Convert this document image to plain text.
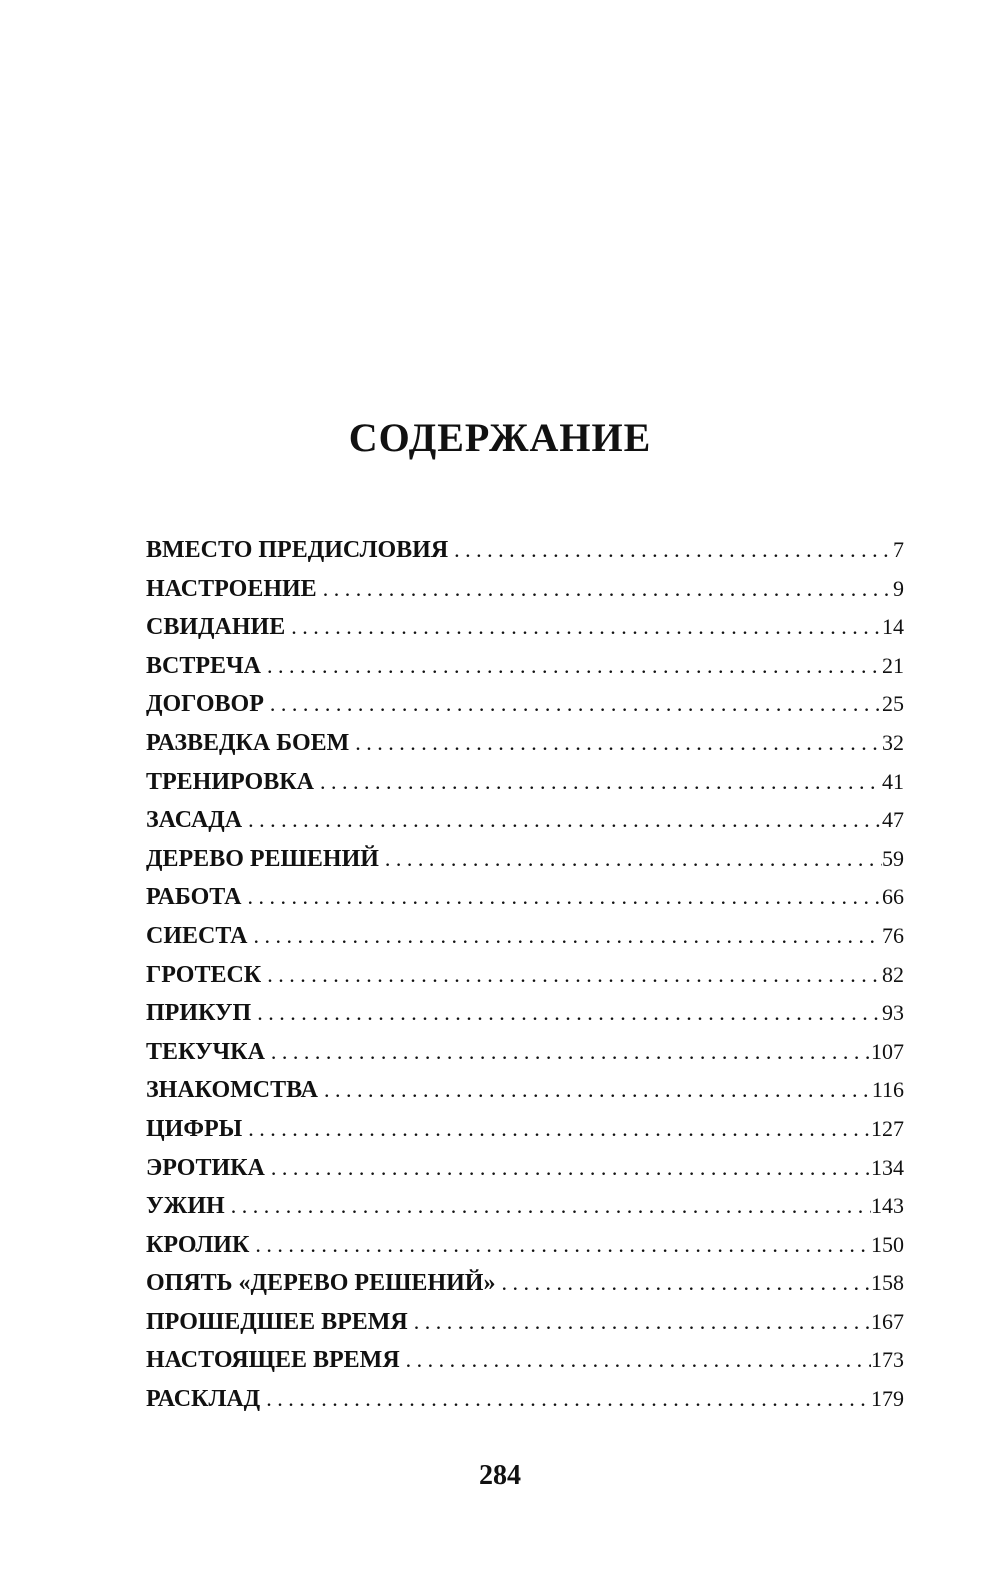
СОДЕРЖАНИЕ
ВМЕСТО ПРЕДИСЛОВИЯ . . .	7
НАСТРОЕНИЕ . . .	9
СВИДАНИЕ . . .	14
ВСТРЕЧА . . .	21
ДОГОВОР . . .	25
РАЗВЕДКА БОЕМ . . .	32
ТРЕНИРОВКА . . .	41
ЗАСАДА . . .	47
ДЕРЕВО РЕШЕНИЙ . . .	59
РАБОТА . . .	66
СИЕСТА . . .	76
ГРОТЕСК . . .	82
ПРИКУП . . .	93
ТЕКУЧКА . . .	107
ЗНАКОМСТВА . . .	116
ЦИФРЫ . . .	127
ЭРОТИКА . . .	134
УЖИН . . .	143
КРОЛИК . . .	150
ОПЯТЬ «ДЕРЕВО РЕШЕНИЙ» . . .	158
ПРОШЕДШЕЕ ВРЕМЯ . . .	167
НАСТОЯЩЕЕ ВРЕМЯ . . .	173
РАСКЛАД . . .	179
284
